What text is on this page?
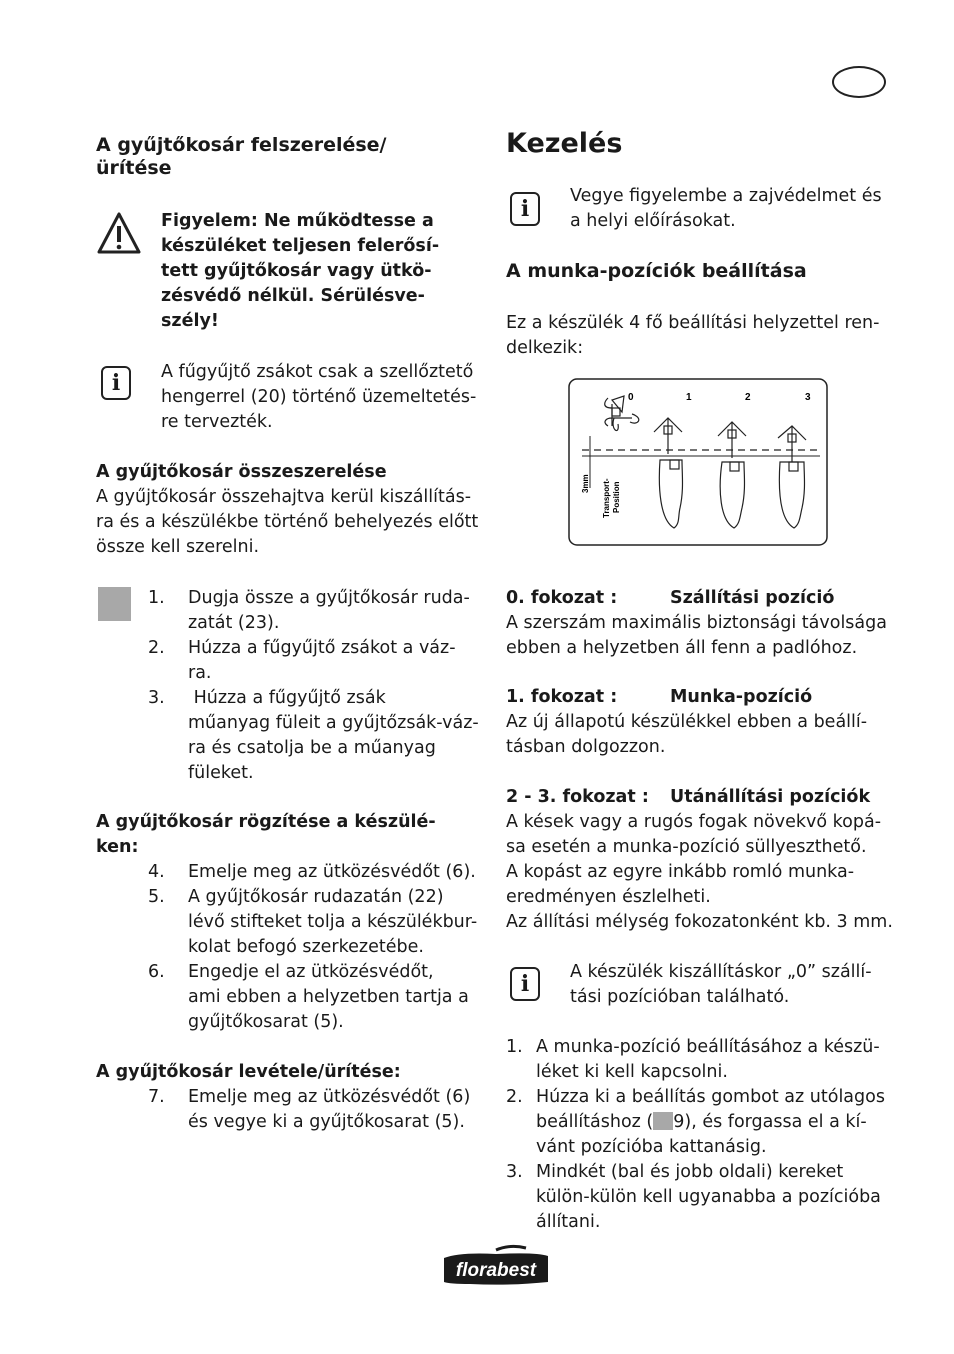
A gyűjtőkosár felszerelése/
ürítése
Figyelem: Ne működtesse a
készüléket teljesen felerősí-
tett gyűjtőkosár vagy ütkö-
zésvédő nélkül. Sérülésve-
szély!
i	A fűgyűjtő zsákot csak a szellőztető
hengerrel (20) történő üzemeltetés-
re tervezték.
A gyűjtőkosár összeszerelése
A gyűjtőkosár összehajtva kerül kiszállítás-
ra és a készülékbe történő behelyezés előtt
össze kell szerelni.
1. Dugja össze a gyűjtőkosár ruda-
zatát (23).
2. Húzza a fűgyűjtő zsákot a váz-
ra.
3. Húzza a fűgyűjtő zsák
műanyag füleit a gyűjtőzsák-váz-
ra és csatolja be a műanyag
füleket.
A gyűjtőkosár rögzítése a készülé-
ken:
4. Emelje meg az ütközésvédőt (6).
5. A gyűjtőkosár rudazatán (22)
lévő stifteket tolja a készülékbur-
kolat befogó szerkezetébe.
6. Engedje el az ütközésvédőt,
ami ebben a helyzetben tartja a
gyűjtőkosarat (5).
A gyűjtőkosár levétele/ürítése:
7. Emelje meg az ütközésvédőt (6)
és vegye ki a gyűjtőkosarat (5).
Kezelés
i	Vegye figyelembe a zajvédelmet és
a helyi előírásokat.
A munka-pozíciók beállítása
Ez a készülék 4 fő beállítási helyzettel ren-
delkezik:
0	1	2	3
3mm Transport- Position
0. fokozat :	Szállítási pozíció
A szerszám maximális biztonsági távolsága
ebben a helyzetben áll fenn a padlóhoz.
1. fokozat :	Munka-pozíció
Az új állapotú készülékkel ebben a beállí-
tásban dolgozzon.
2 - 3. fokozat : Utánállítási pozíciók
A kések vagy a rugós fogak növekvő kopá-
sa esetén a munka-pozíció süllyeszthető.
A kopást az egyre inkább romló munka-
eredményen észlelheti.
Az állítási mélység fokozatonként kb. 3 mm.
i	A készülék kiszállításkor „0” szállí-
tási pozícióban található.
1. A munka-pozíció beállításához a készü-
léket ki kell kapcsolni.
2. Húzza ki a beállítás gombot az utólagos
beállításhoz ( 9), és forgassa el a kí-
vánt pozícióba kattanásig.
3. Mindkét (bal és jobb oldali) kereket
külön-külön kell ugyanabba a pozícióba
állítani.
florabest
